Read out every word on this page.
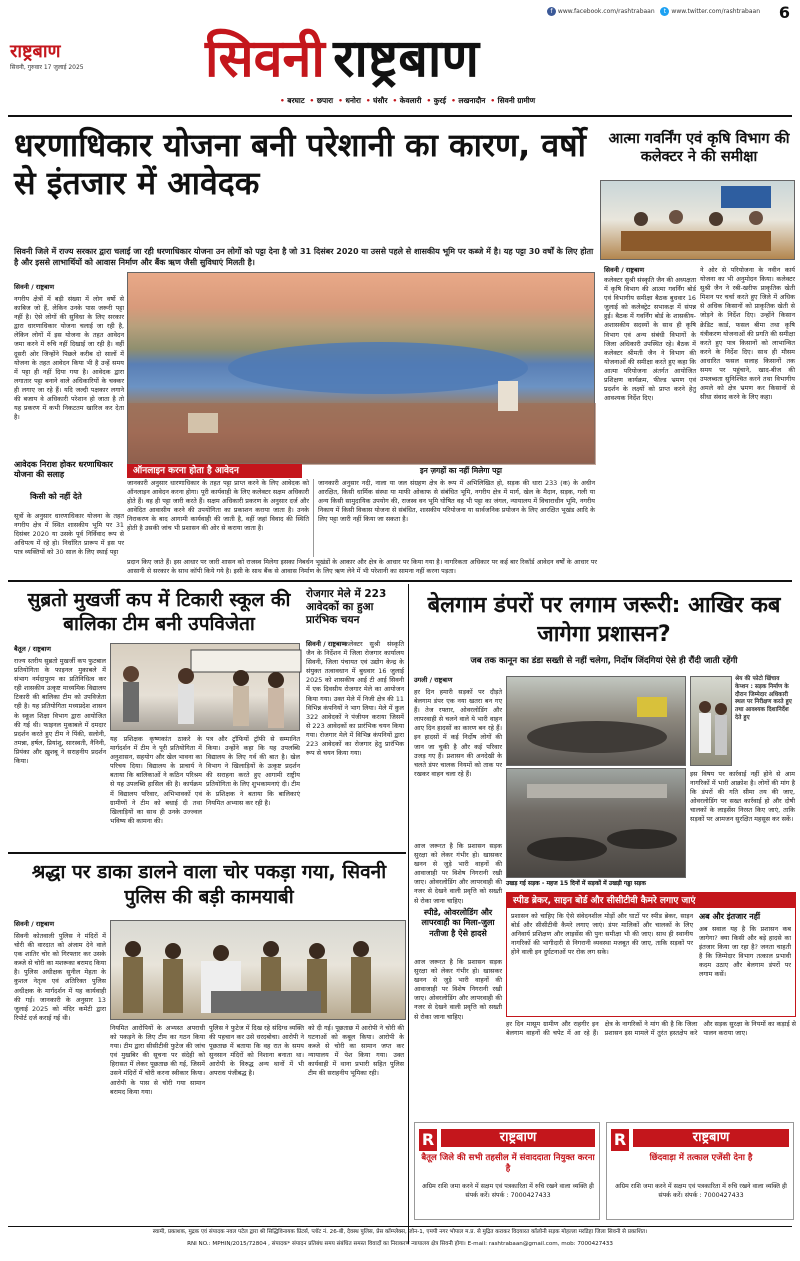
f www.facebook.com/rashtrabaan t www.twitter.com/rashtrabaan 6
राष्ट्रबाण
सिवनी, गुरुवार 17 जुलाई 2025 सिवनी राष्ट्रबाण
• बरघाट • छपारा • धनोरा • घंसौर • केवलारी • कुरई • लखनादौन • सिवनी ग्रामीण
धरणाधिकार योजना बनी परेशानी का कारण, वर्षो से इंतजार में आवेदक
सिवनी जिले में राज्य सरकार द्वारा चलाई जा रही धरणाधिकार योजना उन लोगों को पट्टा देना है जो 31 दिसंबर 2020 या उससे पहले से शासकीय भूमि पर कब्जे में है। यह पट्टा 30 वर्षों के लिए होता है और इससे लाभार्थियों को आवास निर्माण और बैंक ऋण जैसी सुविधाएं मिलती है।
सिवनी / राष्ट्रबाण
नगरीय क्षेत्रों में बड़ी संख्या में लोग वर्षो से काबिज जो हैं, लेकिन उनके पास जरूरी पट्टा नहीं है। ऐसे लोगों की सुविधा के लिए सरकार द्वारा धारणाधिकार योजना चलाई जा रही है, लेकिन लोगों में इस योजना के तहत आवेदन जमा करने में रुचि नहीं दिखाई जा रही है। वहीं दूसरी ओर जिन्होंने पिछले करीब दो सालों में योजना के तहत आवेदन किया भी है उन्हें समय में पट्टा ही नहीं दिया गया है। आवेदक द्वारा लगातार पट्टा बनाने वाले अधिकारियों के चक्कर ही लगाए जा रहे हैं। यदि जल्दी पक्षकार लगाने की बजाय वे अधिकारी परेशान हो जाता है तो यह प्रकरण में कभी निकटतम खारिज कर देता है।
आवेदक निराश होकर धरणाधिकार योजना की सलाह
किसी को नहीं देते
सूत्रों के अनुसार धारणाधिकार योजना के तहत नगरीय क्षेत्र में स्थित शासकीय भूमि पर 31 दिसंबर 2020 या उसके पूर्व निर्विवाद रूप से अधिपत्य में रहे हो। निर्धारित प्रारूप में इस पर पात्र व्यक्तियों को 30 साल के लिए स्थाई पट्टा
ऑनलाइन करना होता है आवेदन
जानकारी अनुसार धारणाधिकार के तहत पट्टा प्राप्त करने के लिए आवेदक को ऑनलाइन आवेदन करना होगा। पूरी कार्यवाही के लिए कलेक्टर सक्षम अधिकारी होते हैं। वह ही पट्टा जारी करते हैं। सक्षम अधिकारी प्रकरण के अनुसार दर्ज और आवेदित आवासीय करने की उपयोगिता का प्रकाशन कराया जाता है। उनके निराकरण के बाद आगामी कार्यवाही की जाती है, वहीं जहां विवाद की स्थिति होती है उसकी जांच भी प्रशासन की ओर से कराया जाता है।
इन ज़गहों का नहीं मिलेगा पट्टा
जानकारी अनुसार नदी, नाला या जल संग्रहण क्षेत्र के रूप में अभिलिखित हो, सड़क की धारा 233 (क) के अधीन आरक्षित, किसी धार्मिक संस्था या माफी ओकाफ से संबंधित भूमि, नगरीय क्षेत्र में मार्ग, खेल के मैदान, सड़क, गली या अन्य किसी सामुदायिक उपयोग की, राजस्व वन भूमि घोषित वह भी पट्टा का जंगल, न्यायालय में विचाराधीन भूमि, नगरीय निकाय में किसी विकास योजना से संबंधित, शासकीय परियोजना या सार्वजनिक प्रयोजन के लिए आरक्षित भूखंड आदि के लिए पट्टा जारी नहीं किया जा सकता है।
प्रदान किए जाते हैं। इस आधार पर जारी शासन को राजस्व मिलेगा इसका निबर्धन भूखंडों के आकार और क्षेत्र के आधार पर किया गया है। नागरिकता अधिकार पर कई बार रिकॉर्ड आवेदन वर्षों के आधार पर आसानी से सरकार के साथ कॉपी किये गये है। इसी के साथ बैंक से आवास निर्माण के लिए ऋण लेने में भी परेशानी का सामना नहीं करना पड़ता।
आत्मा गवर्निंग एवं कृषि विभाग की कलेक्टर ने की समीक्षा
सिवनी / राष्ट्रबाण
कलेक्टर सुश्री संस्कृति जैन की अध्यक्षता में कृषि विभाग की आत्मा गवर्निंग बोर्ड एवं विभागीय समीक्षा बैठक बुधवार 16 जुलाई को कलेक्ट्रेट सभाकक्ष में संपन्न हुई। बैठक में गवर्निंग बोर्ड के शासकीय-अशासकीय सदस्यों के साथ ही कृषि विभाग एवं अन्य संबंधी विभागों के जिला अधिकारी उपस्थित रहे। बैठक में कलेक्टर श्रीमती जैन ने विभाग की योजनाओं की समीक्षा करते हुए कहा कि आत्मा परियोजना अंतर्गत आयोजित प्रशिक्षण कार्यक्रम, फील्ड भ्रमण एवं प्रदर्शन के लक्ष्यों को प्राप्त करने हेतु आवश्यक निर्देश दिए।
ने ओर से परियोजना के नवीन कार्य योजना का भी अनुमोदन किया। कलेक्टर सुश्री जैन ने रबी-खरीफ प्राकृतिक खेती मिशन पर चर्चा करते हुए जिले में अधिक से अधिक किसानों को प्राकृतिक खेती से जोड़ने के निर्देश दिए। उन्होंने किसान क्रेडिट कार्ड, फसल बीमा तथा कृषि यंत्रीकरण योजनाओं की प्रगति की समीक्षा करते हुए पात्र किसानों को लाभान्वित करने के निर्देश दिए। साथ ही मौसम आधारित फसल सलाह किसानों तक समय पर पहुंचाने, खाद-बीज की उपलब्धता सुनिश्चित करने तथा विभागीय अमले को क्षेत्र भ्रमण कर किसानों से सीधा संवाद करने के लिए कहा।
सुब्रतो मुखर्जी कप में टिकारी स्कूल की बालिका टीम बनी उपविजेता
बैतूल / राष्ट्रबाण
राज्य स्तरीय सुब्रतो मुखर्जी कप फुटबाल प्रतियोगिता के फाइनल मुकाबले में संभाग नर्मदापुरम का प्रतिनिधित्व कर रही शासकीय उत्कृष्ट माध्यमिक विद्यालय टिकारी की बालिका टीम को उपविजेता रही है। यह प्रतियोगिता मध्यप्रदेश शासन के स्कूल शिक्षा विभाग द्वारा आयोजित की गई थी। फाइनल मुकाबले में दमदार प्रदर्शन करते हुए टीम ने पिंकी, सलोनी, तमन्ना, हर्षल, प्रियांशु, सारस्वती, नैनिनी, प्रियंका और ख़ुशबू ने सराहनीय प्रदर्शन किया।
यह प्रशिक्षक कृष्णकांत ठाकरे के मार्गदर्शन में टीम ने पूरी प्रतियोगिता में अनुशासन, सहयोग और खेल भावना का परिचय दिया। विद्यालय के प्राचार्य ने बताया कि बालिकाओं ने कठिन परिश्रम से यह उपलब्धि हासिल की है। कार्यक्रम में विद्यालय परिवार, अभिभावकों एवं ग्रामीणों ने टीम को बधाई दी तथा खिलाड़ियों का साथ ही उनके उज्ज्वल भविष्य की कामना की।
पत्र और ट्रॉफियों ट्रॉफी से सम्मानित किया। उन्होंने कहा कि यह उपलब्धि विद्यालय के लिए गर्व की बात है। खेल विभाग ने खिलाड़ियों के उत्कृष्ट प्रदर्शन की सराहना करते हुए आगामी राष्ट्रीय प्रतियोगिता के लिए शुभकामनाएं दी। टीम के प्रशिक्षक ने बताया कि बालिकाएं नियमित अभ्यास कर रही है।
रोजगार मेले में 223 आवेदकों का हुआ प्रारंभिक चयन
सिवनी / राष्ट्रबाण
कलेक्टर सुश्री संस्कृति जैन के निर्देशन में जिला रोजगार कार्यालय सिवनी, जिला पंचायत एवं उद्योग केन्द्र के संयुक्त तत्वावधान में बुधवार 16 जुलाई 2025 को शासकीय आई टी आई सिवनी में एक दिवसीय रोजगार मेले का आयोजन किया गया। उक्त मेले में निजी क्षेत्र की 11 विभिन्न कंपनियों ने भाग लिया। मेले में कुल 322 आवेदकों ने पंजीयन कराया जिसमें से 223 आवेदकों का प्रारंभिक चयन किया गया। रोजगार मेले में विभिन्न कंपनियों द्वारा 223 आवेदकों का रोजगार हेतु प्रारंभिक रूप से चयन किया गया।
बेलगाम डंपरों पर लगाम जरूरी: आखिर कब जागेगा प्रशासन?
जब तक कानून का डंडा सख्ती से नहीं चलेगा, निर्दोष जिंदगियां ऐसे ही रौंदी जाती रहेंगी
उगली / राष्ट्रबाण
हर दिन हमारी सड़कों पर दौड़ते बेलगाम डंपर एक नया खतरा बन गए हैं। तेज रफ्तार, ओवरलोडिंग और लापरवाही से चलने वाले ये भारी वाहन आए दिन हादसों का कारण बन रहे हैं। इन हादसों में कई निर्दोष लोगों की जान जा चुकी है और कई परिवार उजड़ गए हैं। प्रशासन की अनदेखी के चलते डंपर चालक नियमों को ताक पर रखकर वाहन चला रहे हैं।
श्रेय की फोटो खिंचाव केप्शन : सड़क निर्माण के दौरान जिम्मेदार अधिकारी स्थल पर निरीक्षण करते हुए तथा आवश्यक दिशानिर्देश देते हुए
इस विषय पर कार्रवाई नहीं होने से आम नागरिकों में भारी आक्रोश है। लोगों की मांग है कि डंपरों की गति सीमा तय की जाए, ओवरलोडिंग पर सख्त कार्रवाई हो और दोषी चालकों के लाइसेंस निरस्त किए जाएं, ताकि सड़कों पर आमजन सुरक्षित महसूस कर सकें।
उखड़ गई सड़क - महज 15 दिनों में सड़कों में उखड़ी गड्ढा सड़क
आज जरूरत है कि प्रशासन सड़क सुरक्षा को लेकर गंभीर हो। खासकर खनन से जुड़े भारी वाहनों की आवाजाही पर विशेष निगरानी रखी जाए। ओवरलोडिंग और लापरवाही की नजर से देखने वाली प्रवृत्ति को सख्ती से रोका जाना चाहिए।	स्पीड ब्रेकर, साइन बोर्ड और सीसीटीवी कैमरे लगाए जाएं
प्रशासन को चाहिए कि ऐसे संवेदनशील मोड़ों और घाटों पर स्पीड ब्रेकर, साइन बोर्ड और सीसीटीवी कैमरे लगाए जाएं। डंपर मालिकों और चालकों के लिए अनिवार्य प्रशिक्षण और लाइसेंस की पुनः समीक्षा भी की जाए। साथ ही स्थानीय नागरिकों की भागीदारी से निगरानी व्यवस्था मजबूत की जाए, ताकि सड़कों पर होने वाली इन दुर्घटनाओं पर रोक लग सके।
अब और इंतजार नहीं
अब सवाल यह है कि प्रशासन कब जागेगा? क्या किसी और बड़े हादसे का इंतजार किया जा रहा है? जनता चाहती है कि जिम्मेदार विभाग तत्काल प्रभावी कदम उठाए और बेलगाम डंपरों पर लगाम कसें।
स्पीडे, ओवरलोडिंग और लापरवाही का मिला-जुला नतीजा है ऐसे हादसे
आज जरूरत है कि प्रशासन सड़क सुरक्षा को लेकर गंभीर हो। खासकर खनन से जुड़े भारी वाहनों की आवाजाही पर विशेष निगरानी रखी जाए। ओवरलोडिंग और लापरवाही की नजर से देखने वाली प्रवृत्ति को सख्ती से रोका जाना चाहिए।
हर दिन मासूम ग्रामीण और राहगीर इन बेलगाम वाहनों की चपेट में आ रहे हैं। क्षेत्र के नागरिकों ने मांग की है कि जिला प्रशासन इस मामले में तुरंत हस्तक्षेप करे और सड़क सुरक्षा के नियमों का कड़ाई से पालन कराया जाए।
श्रद्धा पर डाका डालने वाला चोर पकड़ा गया, सिवनी पुलिस की बड़ी कामयाबी
सिवनी / राष्ट्रबाण
सिवनी कोतवाली पुलिस ने मंदिरों में चोरी की वारदात को अंजाम देने वाले एक शातिर चोर को गिरफ्तार कर उसके कब्जे से चोरी का मशरूका बरामद किया है। पुलिस अधीक्षक सुनील मेहता के कुशल नेतृत्व एवं अतिरिक्त पुलिस अधीक्षक के मार्गदर्शन में यह कार्यवाही की गई। जानकारी के अनुसार 13 जुलाई 2025 को मंदिर कमेटी द्वारा रिपोर्ट दर्ज कराई गई थी।
नियमित आरोपियों के अभ्यस्त अपराधी को पकड़ने के लिए टीम का गठन किया गया। टीम द्वारा सीसीटीवी फुटेज की जांच एवं मुखबिर की सूचना पर संदेही को हिरासत में लेकर पूछताछ की गई, जिसमें उसने मंदिरों में चोरी करना स्वीकार किया। आरोपी के पास से चोरी गया सामान बरामद किया गया।
पुलिस ने फुटेज में दिख रहे संदिग्ध व्यक्ति की पहचान कर उसे धरदबोचा। आरोपी ने पूछताछ में बताया कि वह रात के समय सुनसान मंदिरों को निशाना बनाता था। आरोपी के विरुद्ध अन्य थानों में भी अपराध पंजीबद्ध है।
को दी गई। पूछताछ में आरोपी ने चोरी की घटनाओं को कबूल किया। आरोपी के कब्जे से चोरी का सामान जप्त कर न्यायालय में पेश किया गया। उक्त कार्यवाही में थाना प्रभारी सहित पुलिस टीम की सराहनीय भूमिका रही।
R	राष्ट्रबाण
बैतूल जिले की सभी तहसील में संवाददाता नियुक्त करना है
अग्रिम राशि जमा करने में सक्षम एवं पत्रकारिता में रुचि रखने वाला व्यक्ति ही संपर्क करें। संपर्क : 7000427433
R	राष्ट्रबाण
छिंदवाड़ा में तत्काल एजेंसी देना है
अग्रिम राशि जमा करने में सक्षम एवं पत्रकारिता में रुचि रखने वाला व्यक्ति ही संपर्क करें। संपर्क : 7000427433
स्वामी, प्रकाशक, मुद्रक एवं संपादक नवल पटेल द्वारा श्री सिद्धिविनायक प्रिंटर्स, प्लॉट नं. 26-बी, देवस्थ पुलिस, प्रेस कॉम्प्लेक्स, जोन-1, एमपी नगर भोपाल म.प्र. से मुद्रित कराकर विदयारत कॉलोनी सड़क मोहल्ला मरडिहा जिला सिवनी से प्रकाशित।
RNI NO.: MPHIN/2015/72804 , संपादक* संपादन प्रतिबंध समय संबंधित समस्त विवादों का निराकरण न्यायालय क्षेत्र सिवनी होगा। E-mail: rashtrabaan@gmail.com, mob: 7000427433
